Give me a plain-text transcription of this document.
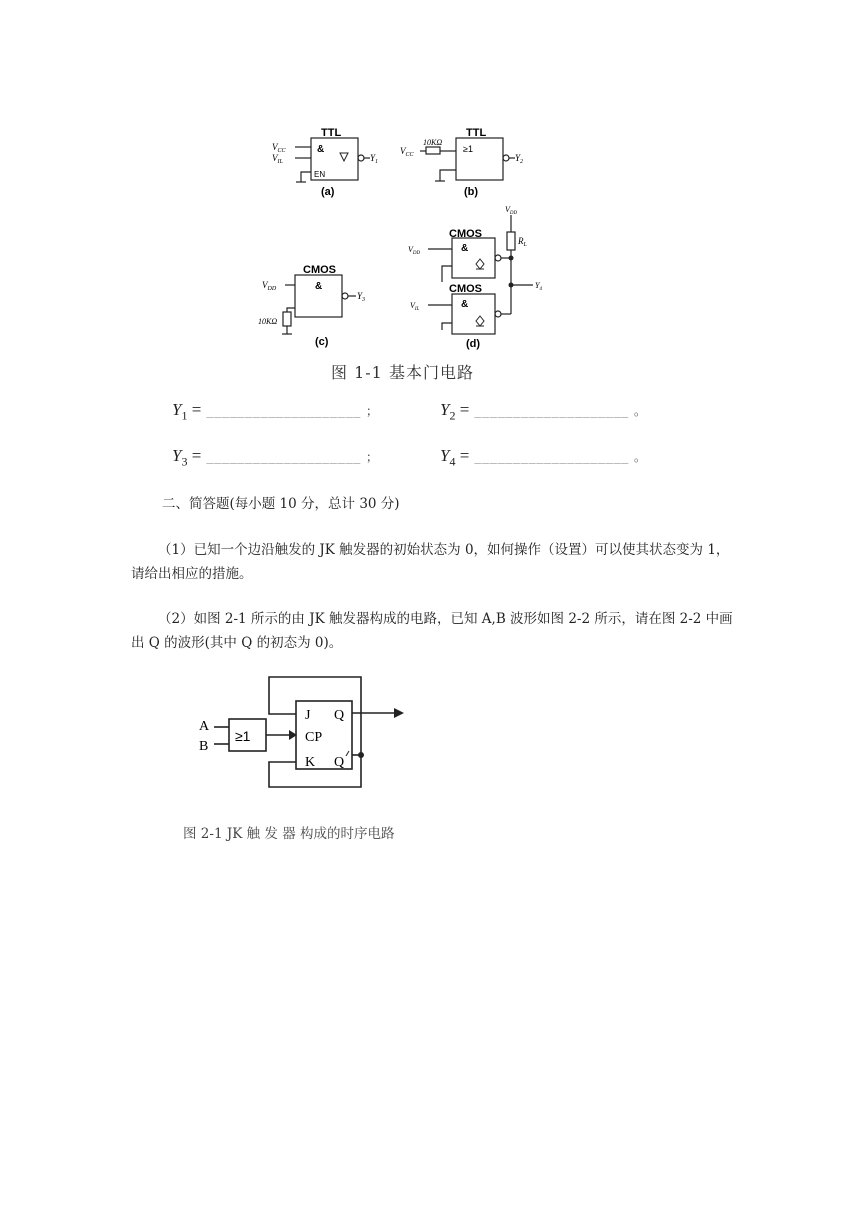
TTL
&
EN
$V_{CC}$
$V_{IL}$	$Y_1$
(a)
TTL
≥1
10KΩ
$V_{CC}$	$Y_2$
(b)
CMOS
&
10KΩ
$V_{DD}$
$Y_3$
(c)
CMOS
CMOS
&
&
$V_{DD}$
$R_L$
$V_{DD}$
$V_{IL}$
$Y_4$
(d)
图 1-1 基本门电路
$Y_1$ = ____________________ ；	$Y_2$ = ____________________ 。
$Y_3$ = ____________________ ；	$Y_4$ = ____________________ 。
二、简答题(每小题 10 分，总计 30 分)
（1）已知一个边沿触发的 JK 触发器的初始状态为 0，如何操作（设置）可以使其状态变为 1，请给出相应的措施。
（2）如图 2-1 所示的由 JK 触发器构成的电路，已知 A,B 波形如图 2-2 所示，请在图 2-2 中画出 Q 的波形(其中 Q 的初态为 0)。
A
B
≥1
J
CP
K
Q
Q
图 2-1 JK 触 发 器 构成的时序电路
